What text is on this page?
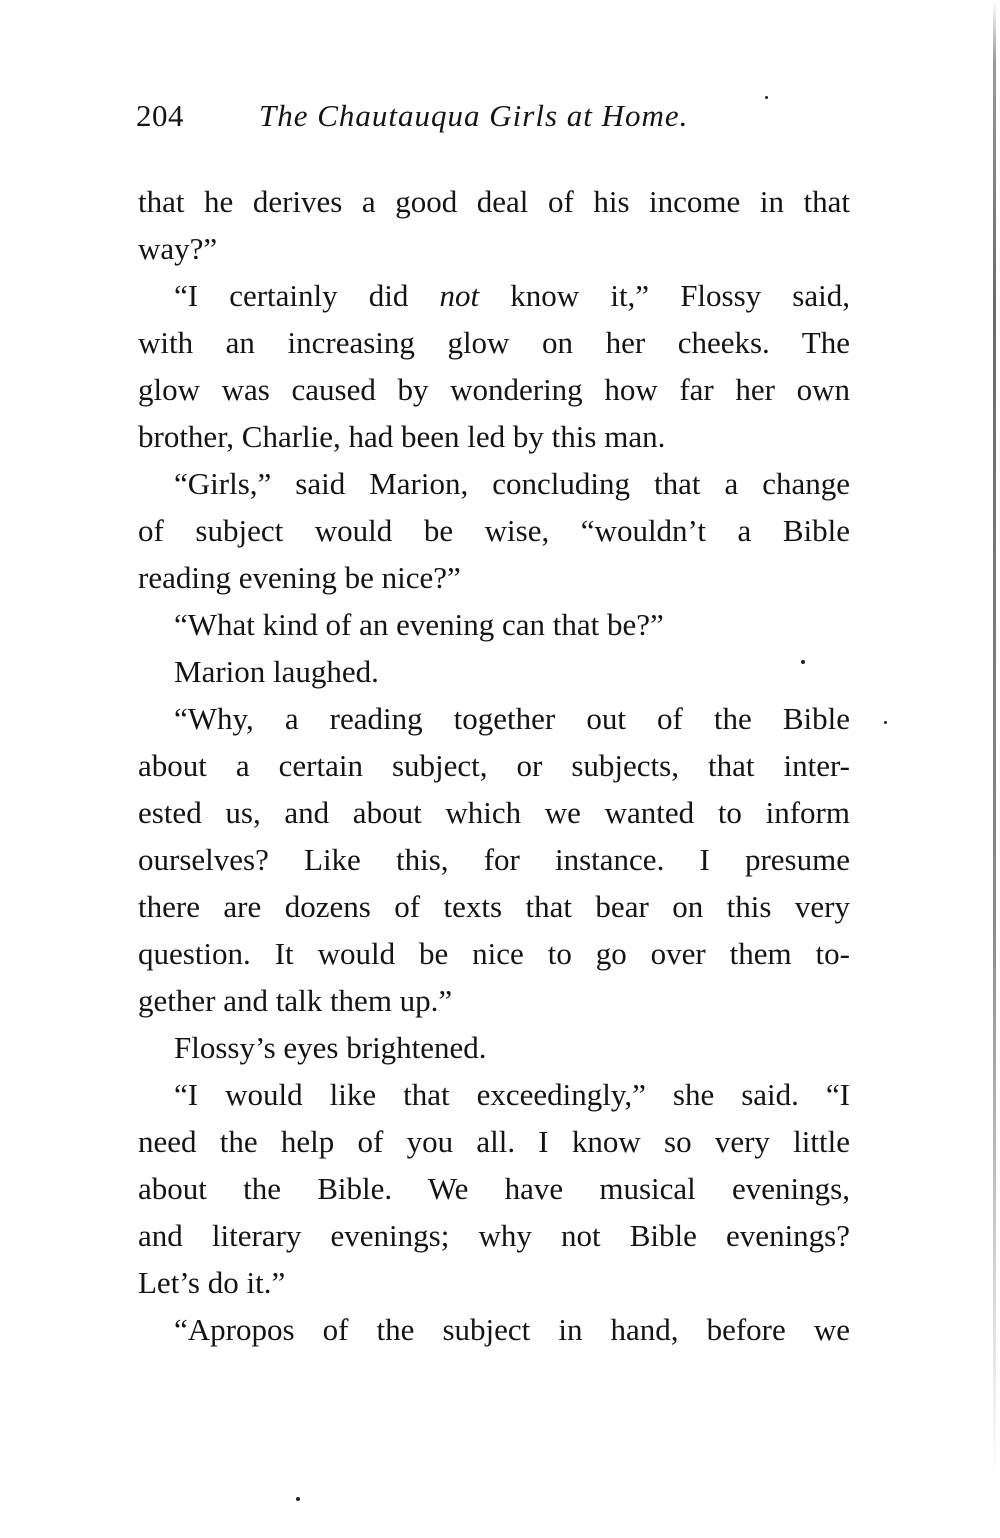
204 The Chautauqua Girls at Home.
that he derives a good deal of his income in that
way?”
“I certainly did not know it,” Flossy said,
with an increasing glow on her cheeks. The
glow was caused by wondering how far her own
brother, Charlie, had been led by this man.
“Girls,” said Marion, concluding that a change
of subject would be wise, “wouldn’t a Bible
reading evening be nice?”
“What kind of an evening can that be?”
Marion laughed.
“Why, a reading together out of the Bible
about a certain subject, or subjects, that inter-
ested us, and about which we wanted to inform
ourselves? Like this, for instance. I presume
there are dozens of texts that bear on this very
question. It would be nice to go over them to-
gether and talk them up.”
Flossy’s eyes brightened.
“I would like that exceedingly,” she said. “I
need the help of you all. I know so very little
about the Bible. We have musical evenings,
and literary evenings; why not Bible evenings?
Let’s do it.”
“Apropos of the subject in hand, before we
